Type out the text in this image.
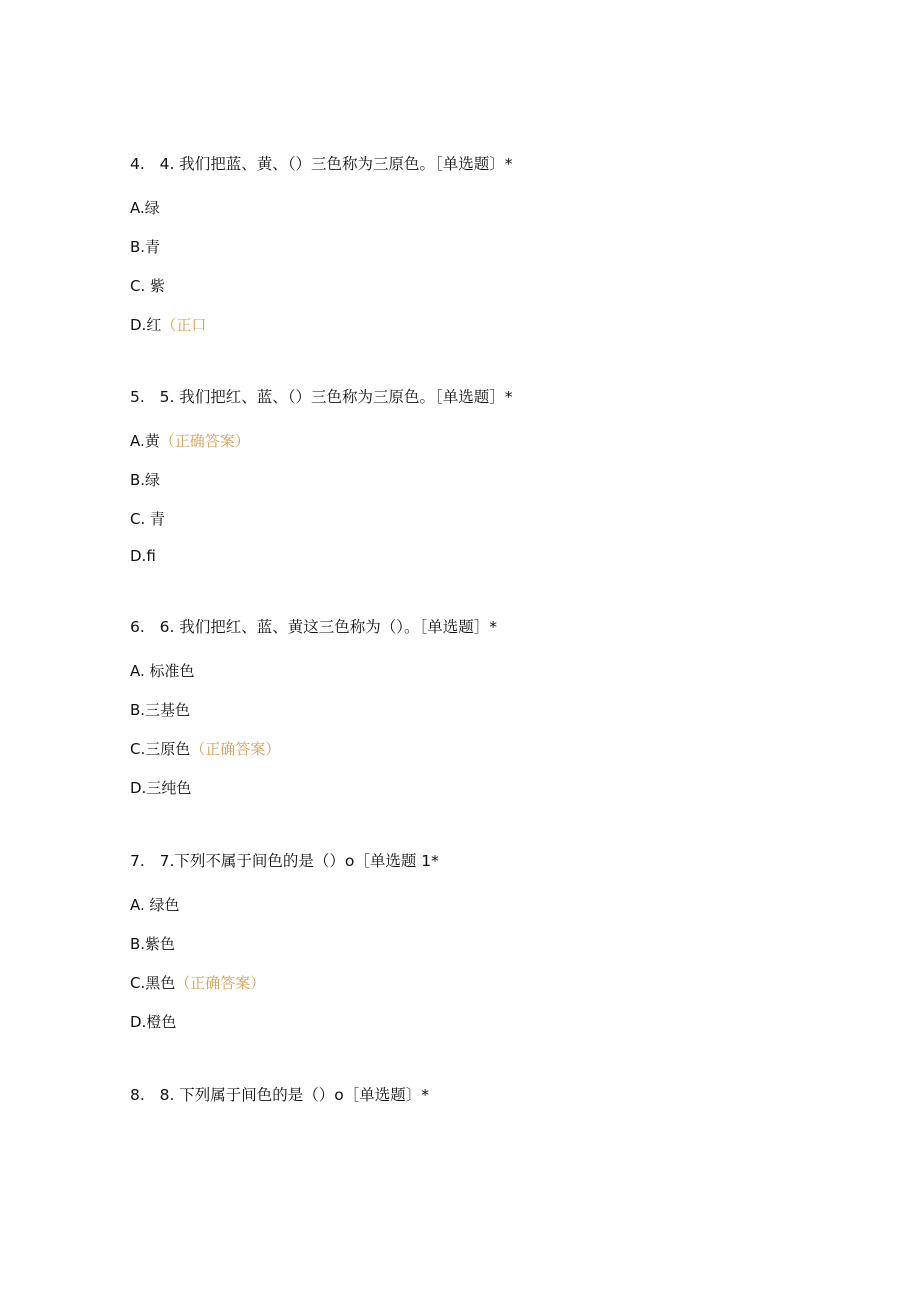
4. 4. 我们把蓝、黄、（）三色称为三原色。［单选题〕*
A.绿
B.青
C. 紫
D.红（正口
5. 5. 我们把红、蓝、（）三色称为三原色。［单选题］*
A.黄（正确答案）
B.绿
C. 青
D.fi
6. 6. 我们把红、蓝、黄这三色称为（）。［单选题］*
A. 标准色
B.三基色
C.三原色（正确答案）
D.三纯色
7. 7.下列不属于间色的是（）o［单选题 1*
A. 绿色
B.紫色
C.黑色（正确答案）
D.橙色
8. 8. 下列属于间色的是（）o［单选题〕*
